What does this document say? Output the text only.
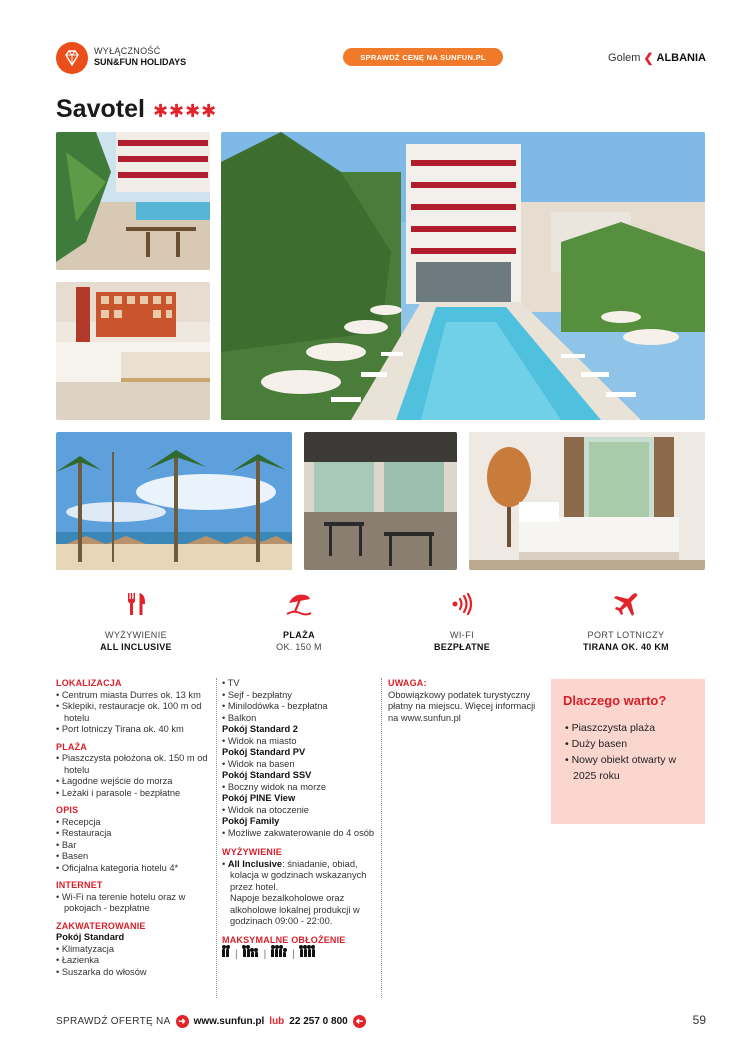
WYŁĄCZNOŚĆ
SUN&FUN HOLIDAYS	SPRAWDŹ CENĘ NA SUNFUN.PL	Golem ❮ ALBANIA
Savotel ✱✱✱✱
WYŻYWIENIE
ALL INCLUSIVE
PLAŻA
OK. 150 M
WI-FI
BEZPŁATNE
PORT LOTNICZY
TIRANA OK. 40 KM
LOKALIZACJA
• Centrum miasta Durres ok. 13 km
• Sklepiki, restauracje ok. 100 m od hotelu
• Port lotniczy Tirana ok. 40 km
PLAŻA
• Piaszczysta położona ok. 150 m od hotelu
• Łagodne wejście do morza
• Leżaki i parasole - bezpłatne
OPIS
• Recepcja
• Restauracja
• Bar
• Basen
• Oficjalna kategoria hotelu 4*
INTERNET
• Wi-Fi na terenie hotelu oraz w pokojach - bezpłatne
ZAKWATEROWANIE
Pokój Standard
• Klimatyzacja
• Łazienka
• Suszarka do włosów
• TV
• Sejf - bezpłatny
• Minilodówka - bezpłatna
• Balkon
Pokój Standard 2
• Widok na miasto
Pokój Standard PV
• Widok na basen
Pokój Standard SSV
• Boczny widok na morze
Pokój PINE View
• Widok na otoczenie
Pokój Family
• Możliwe zakwaterowanie do 4 osób
WYŻYWIENIE
• All Inclusive: śniadanie, obiad, kolacja w godzinach wskazanych przez hotel.
Napoje bezalkoholowe oraz alkoholowe lokalnej produkcji w godzinach 09:00 - 22:00.
MAKSYMALNE OBŁOŻENIE
|	|	|
UWAGA:
Obowiązkowy podatek turystyczny płatny na miejscu. Więcej informacji na www.sunfun.pl
Dlaczego warto?
• Piaszczysta plaża
• Duży basen
• Nowy obiekt otwarty w 2025 roku
SPRAWDŹ OFERTĘ NA ➜ www.sunfun.pl lub 22 257 0 800 ➜	59
